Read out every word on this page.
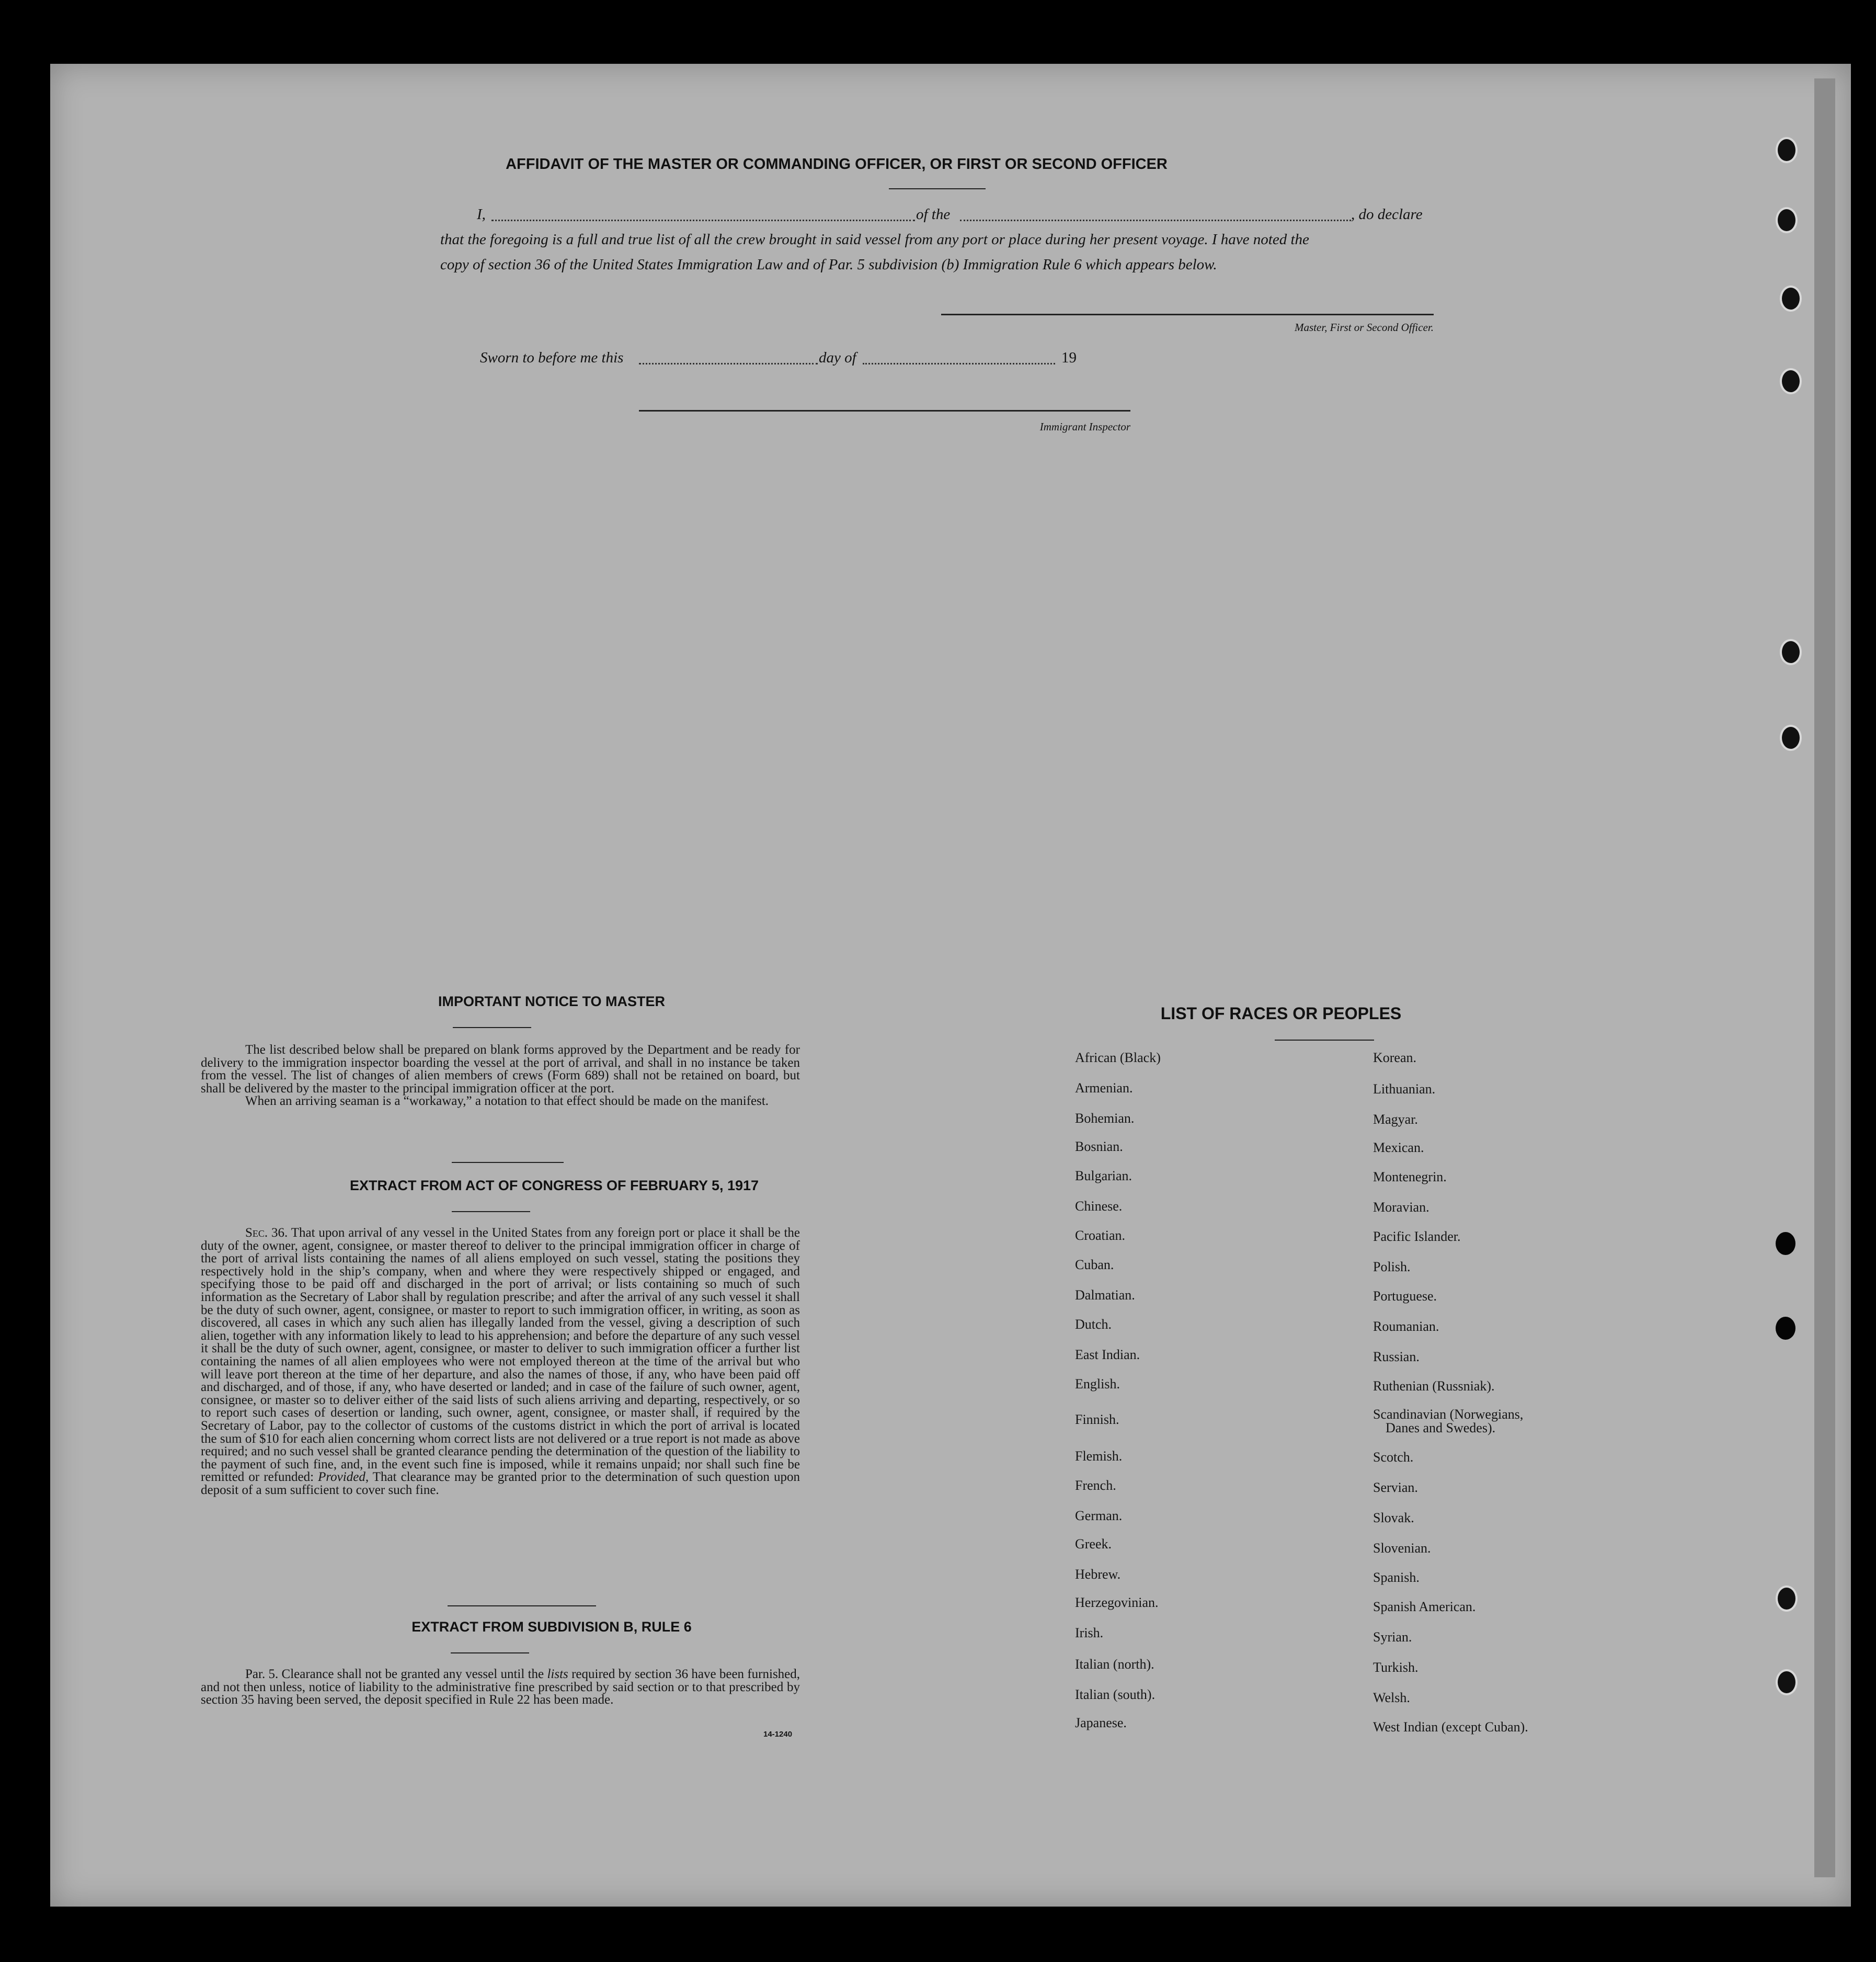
AFFIDAVIT OF THE MASTER OR COMMANDING OFFICER, OR FIRST OR SECOND OFFICER
I,	of the	, do declare
that the foregoing is a full and true list of all the crew brought in said vessel from any port or place during her present voyage. I have noted the
copy of section 36 of the United States Immigration Law and of Par. 5 subdivision (b) Immigration Rule 6 which appears below.
Master, First or Second Officer.
Sworn to before me this	day of	19
Immigrant Inspector
IMPORTANT NOTICE TO MASTER

The list described below shall be prepared on blank forms approved by the Department and be ready for delivery to the immigration inspector boarding the vessel at the port of arrival, and shall in no instance be taken from the vessel. The list of changes of alien members of crews (Form 689) shall not be retained on board, but shall be delivered by the master to the principal immigration officer at the port.

When an arriving seaman is a “workaway,” a notation to that effect should be made on the manifest.

EXTRACT FROM ACT OF CONGRESS OF FEBRUARY 5, 1917

Sec. 36. That upon arrival of any vessel in the United States from any foreign port or place it shall be the duty of the owner, agent, consignee, or master thereof to deliver to the principal immigration officer in charge of the port of arrival lists containing the names of all aliens employed on such vessel, stating the positions they respectively hold in the ship’s company, when and where they were respectively shipped or engaged, and specifying those to be paid off and discharged in the port of arrival; or lists containing so much of such information as the Secretary of Labor shall by regulation prescribe; and after the arrival of any such vessel it shall be the duty of such owner, agent, consignee, or master to report to such immigration officer, in writing, as soon as discovered, all cases in which any such alien has illegally landed from the vessel, giving a description of such alien, together with any information likely to lead to his apprehension; and before the departure of any such vessel it shall be the duty of such owner, agent, consignee, or master to deliver to such immigration officer a further list containing the names of all alien employees who were not employed thereon at the time of the arrival but who will leave port thereon at the time of her departure, and also the names of those, if any, who have been paid off and discharged, and of those, if any, who have deserted or landed; and in case of the failure of such owner, agent, consignee, or master so to deliver either of the said lists of such aliens arriving and departing, respectively, or so to report such cases of desertion or landing, such owner, agent, consignee, or master shall, if required by the Secretary of Labor, pay to the collector of customs of the customs district in which the port of arrival is located the sum of $10 for each alien concerning whom correct lists are not delivered or a true report is not made as above required; and no such vessel shall be granted clearance pending the determination of the question of the liability to the payment of such fine, and, in the event such fine is imposed, while it remains unpaid; nor shall such fine be remitted or refunded: Provided, That clearance may be granted prior to the determination of such question upon deposit of a sum sufficient to cover such fine.

EXTRACT FROM SUBDIVISION B, RULE 6

Par. 5. Clearance shall not be granted any vessel until the lists required by section 36 have been furnished, and not then unless, notice of liability to the administrative fine prescribed by said section or to that prescribed by section 35 having been served, the deposit specified in Rule 22 has been made.

14-1240
LIST OF RACES OR PEOPLES
African (Black)
Armenian.
Bohemian.
Bosnian.
Bulgarian.
Chinese.
Croatian.
Cuban.
Dalmatian.
Dutch.
East Indian.
English.
Finnish.
Flemish.
French.
German.
Greek.
Hebrew.
Herzegovinian.
Irish.
Italian (north).
Italian (south).
Japanese.
Korean.
Lithuanian.
Magyar.
Mexican.
Montenegrin.
Moravian.
Pacific Islander.
Polish.
Portuguese.
Roumanian.
Russian.
Ruthenian (Russniak).
Scandinavian (Norwegians,
Danes and Swedes).
Scotch.
Servian.
Slovak.
Slovenian.
Spanish.
Spanish American.
Syrian.
Turkish.
Welsh.
West Indian (except Cuban).
